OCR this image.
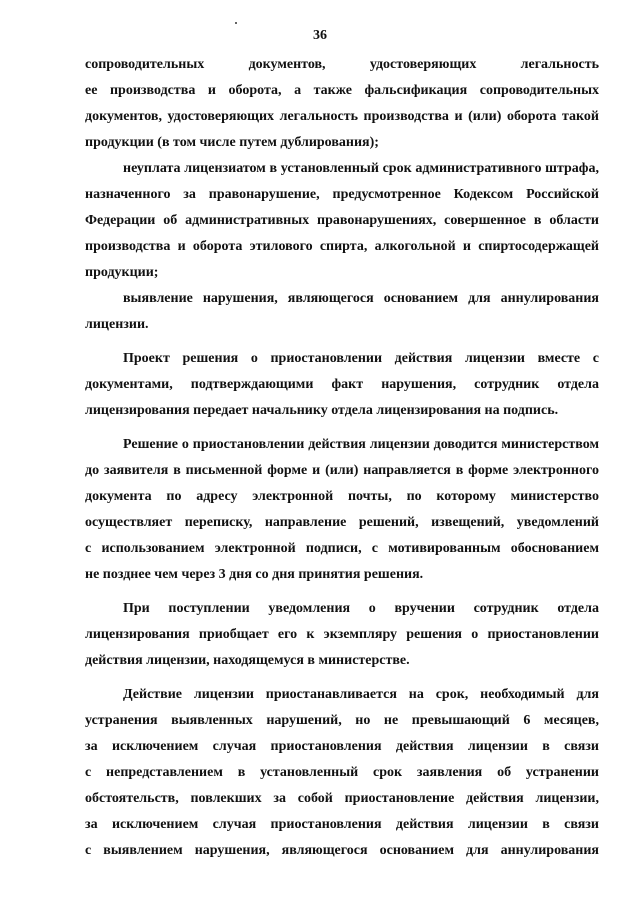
36
сопроводительных документов, удостоверяющих легальность
ее производства и оборота, а также фальсификация сопроводительных
документов, удостоверяющих легальность производства и (или) оборота такой
продукции (в том числе путем дублирования);
неуплата лицензиатом в установленный срок административного штрафа,
назначенного за правонарушение, предусмотренное Кодексом Российской
Федерации об административных правонарушениях, совершенное в области
производства и оборота этилового спирта, алкогольной и спиртосодержащей
продукции;
выявление нарушения, являющегося основанием для аннулирования
лицензии.
Проект решения о приостановлении действия лицензии вместе с
документами, подтверждающими факт нарушения, сотрудник отдела
лицензирования передает начальнику отдела лицензирования на подпись.
Решение о приостановлении действия лицензии доводится министерством
до заявителя в письменной форме и (или) направляется в форме электронного
документа по адресу электронной почты, по которому министерство
осуществляет переписку, направление решений, извещений, уведомлений
с использованием электронной подписи, с мотивированным обоснованием
не позднее чем через 3 дня со дня принятия решения.
При поступлении уведомления о вручении сотрудник отдела
лицензирования приобщает его к экземпляру решения о приостановлении
действия лицензии, находящемуся в министерстве.
Действие лицензии приостанавливается на срок, необходимый для
устранения выявленных нарушений, но не превышающий 6 месяцев,
за исключением случая приостановления действия лицензии в связи
с непредставлением в установленный срок заявления об устранении
обстоятельств, повлекших за собой приостановление действия лицензии,
за исключением случая приостановления действия лицензии в связи
с выявлением нарушения, являющегося основанием для аннулирования
